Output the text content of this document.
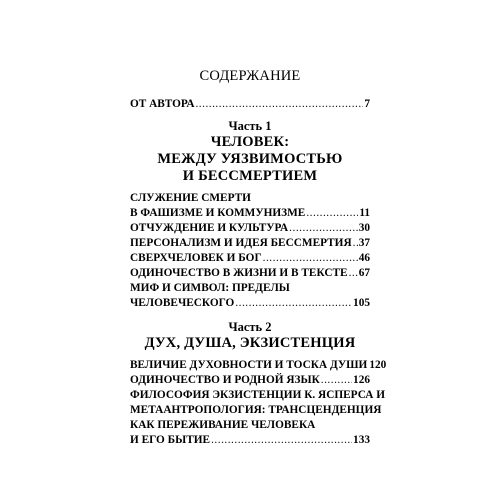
СОДЕРЖАНИЕ
ОТ АВТОРА .....	7
Часть 1
ЧЕЛОВЕК:
МЕЖДУ УЯЗВИМОСТЬЮ
И БЕССМЕРТИЕМ
СЛУЖЕНИЕ СМЕРТИ
В ФАШИЗМЕ И КОММУНИЗМЕ .....	11
ОТЧУЖДЕНИЕ И КУЛЬТУРА .....	30
ПЕРСОНАЛИЗМ И ИДЕЯ БЕССМЕРТИЯ ..... 37
СВЕРХЧЕЛОВЕК И БОГ .....	46
ОДИНОЧЕСТВО В ЖИЗНИ И В ТЕКСТЕ ..... 67
МИФ И СИМВОЛ: ПРЕДЕЛЫ
ЧЕЛОВЕЧЕСКОГО .....	105
Часть 2
ДУХ, ДУША, ЭКЗИСТЕНЦИЯ
ВЕЛИЧИЕ ДУХОВНОСТИ И ТОСКА ДУШИ 120
ОДИНОЧЕСТВО И РОДНОЙ ЯЗЫК .....	126
ФИЛОСОФИЯ ЭКЗИСТЕНЦИИ К. ЯСПЕРСА И
МЕТААНТРОПОЛОГИЯ: ТРАНСЦЕНДЕНЦИЯ
КАК ПЕРЕЖИВАНИЕ ЧЕЛОВЕКА
И ЕГО БЫТИЕ .....	133
